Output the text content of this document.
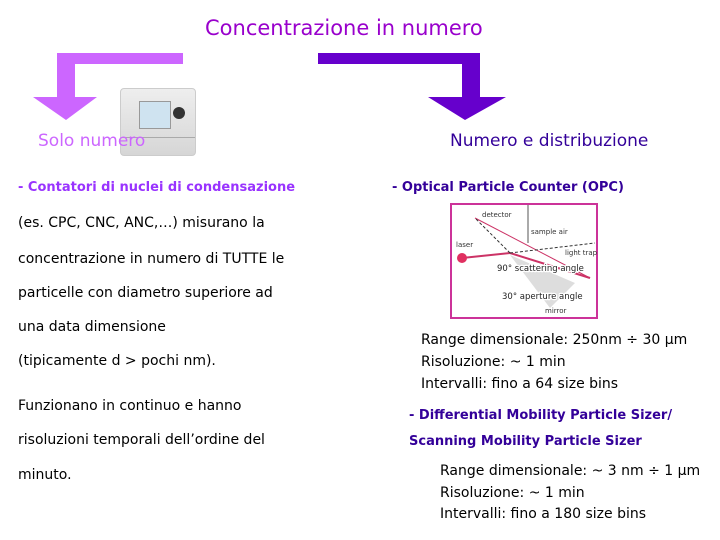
Concentrazione in numero
Solo numero	Numero e distribuzione
- Contatori di nuclei di condensazione	- Optical Particle Counter (OPC)
(es. CPC, CNC, ANC,…) misurano la
concentrazione in numero di TUTTE le
particelle con diametro superiore ad
una data dimensione
(tipicamente d > pochi nm).
Funzionano in continuo e hanno
risoluzioni temporali dell’ordine del
minuto.
detector
sample air
laser
light trap
90° scattering angle
30° aperture angle
mirror
Range dimensionale: 250nm ÷ 30 μm
Risoluzione: ~ 1 min
Intervalli: fino a 64 size bins
- Differential Mobility Particle Sizer/
Scanning Mobility Particle Sizer
Range dimensionale: ~ 3 nm ÷ 1 μm
Risoluzione: ~ 1 min
Intervalli: fino a 180 size bins
